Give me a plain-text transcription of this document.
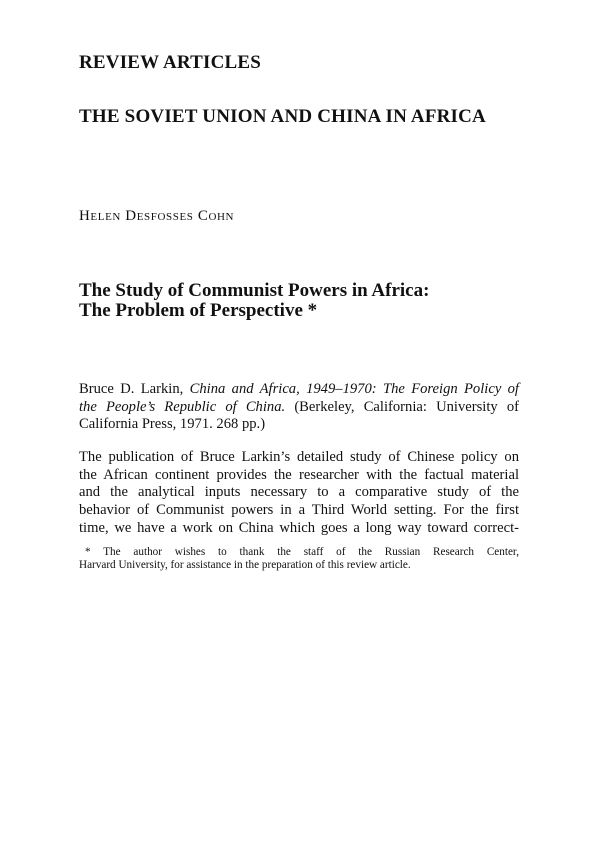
REVIEW ARTICLES
THE SOVIET UNION AND CHINA IN AFRICA

Helen Desfosses Cohn

The Study of Communist Powers in Africa:
The Problem of Perspective *

Bruce D. Larkin, China and Africa, 1949–1970: The Foreign Policy of
the People’s Republic of China. (Berkeley, California: University of
California Press, 1971. 268 pp.)

The publication of Bruce Larkin’s detailed study of Chinese policy on
the African continent provides the researcher with the factual material
and the analytical inputs necessary to a comparative study of the
behavior of Communist powers in a Third World setting. For the first
time, we have a work on China which goes a long way toward correct-

* The author wishes to thank the staff of the Russian Research Center,
Harvard University, for assistance in the preparation of this review article.
